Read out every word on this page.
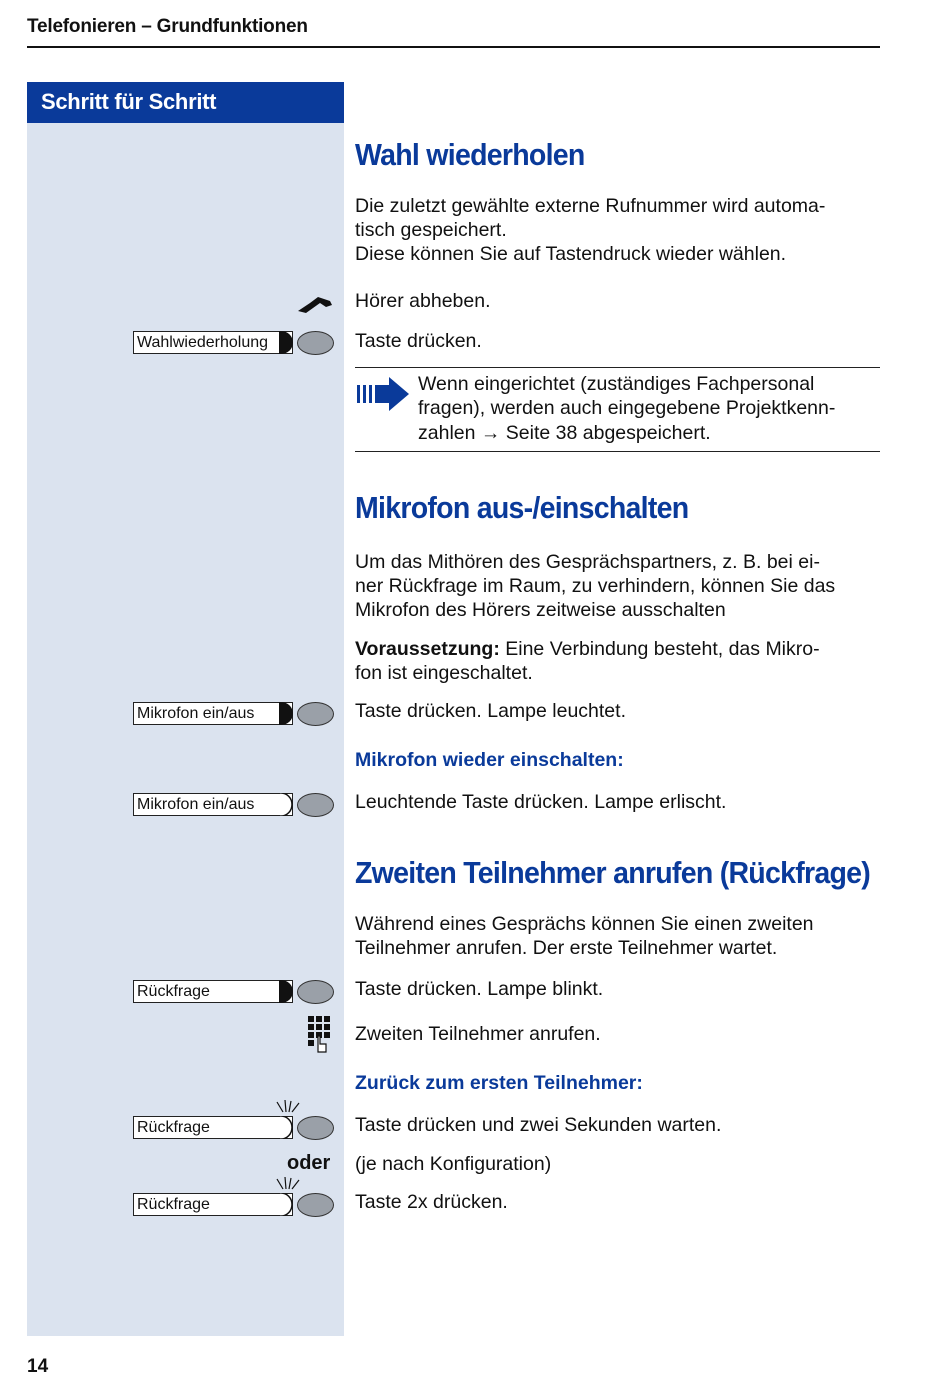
Telefonieren – Grundfunktionen
Schritt für Schritt
Wahl wiederholen
Die zuletzt gewählte externe Rufnummer wird automa-
tisch gespeichert.
Diese können Sie auf Tastendruck wieder wählen.
Hörer abheben.
Wahlwiederholung	Taste drücken.
Wenn eingerichtet (zuständiges Fachpersonal
fragen), werden auch eingegebene Projektkenn-
zahlen → Seite 38 abgespeichert.
Mikrofon aus-/einschalten
Um das Mithören des Gesprächspartners, z. B. bei ei-
ner Rückfrage im Raum, zu verhindern, können Sie das
Mikrofon des Hörers zeitweise ausschalten
Voraussetzung: Eine Verbindung besteht, das Mikro-
fon ist eingeschaltet.
Mikrofon ein/aus	Taste drücken. Lampe leuchtet.
Mikrofon wieder einschalten:
Mikrofon ein/aus	Leuchtende Taste drücken. Lampe erlischt.
Zweiten Teilnehmer anrufen (Rückfrage)
Während eines Gesprächs können Sie einen zweiten
Teilnehmer anrufen. Der erste Teilnehmer wartet.
Rückfrage	Taste drücken. Lampe blinkt.
Zweiten Teilnehmer anrufen.
Zurück zum ersten Teilnehmer:
Rückfrage	Taste drücken und zwei Sekunden warten.
oder (je nach Konfiguration)
Rückfrage	Taste 2x drücken.
14
